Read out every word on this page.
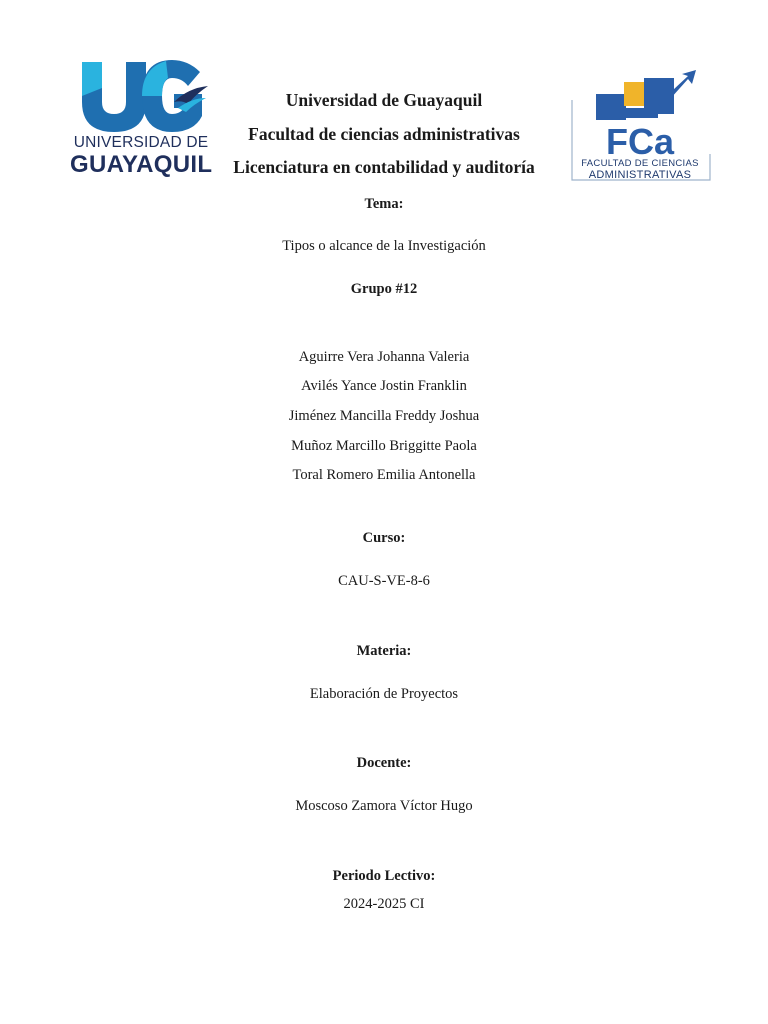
UNIVERSIDAD DE
GUAYAQUIL
FCa
FACULTAD DE CIENCIAS
ADMINISTRATIVAS
Universidad de Guayaquil
Facultad de ciencias administrativas
Licenciatura en contabilidad y auditoría
Tema:
Tipos o alcance de la Investigación
Grupo #12
Aguirre Vera Johanna Valeria
Avilés Yance Jostin Franklin
Jiménez Mancilla Freddy Joshua
Muñoz Marcillo Briggitte Paola
Toral Romero Emilia Antonella
Curso:
CAU-S-VE-8-6
Materia:
Elaboración de Proyectos
Docente:
Moscoso Zamora Víctor Hugo
Periodo Lectivo:
2024-2025 CI
